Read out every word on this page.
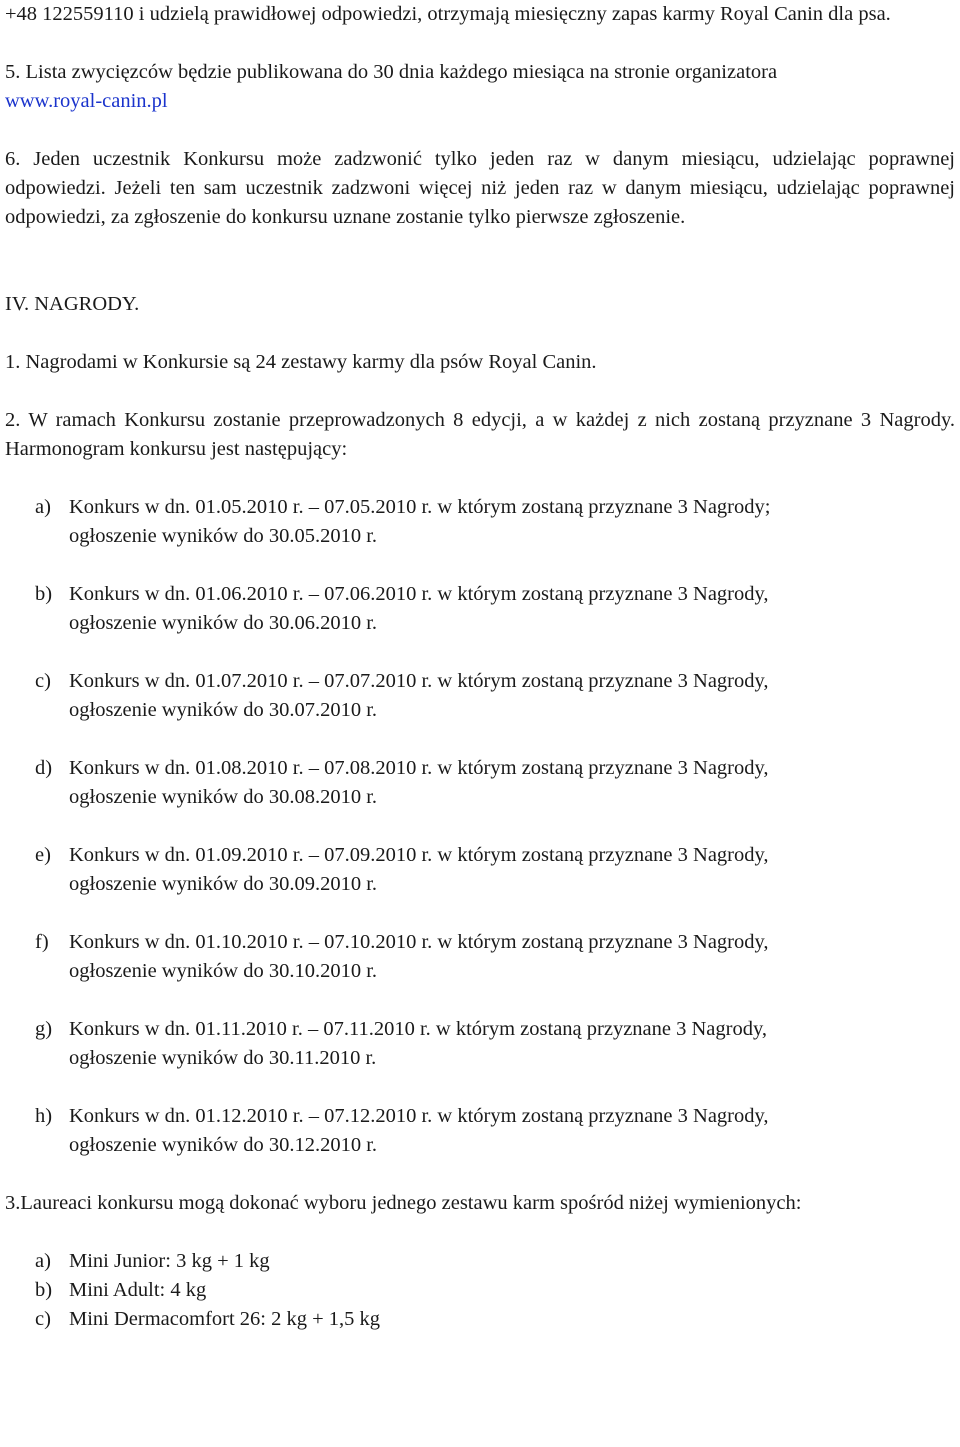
+48 122559110 i udzielą prawidłowej odpowiedzi, otrzymają miesięczny zapas karmy Royal Canin dla psa.

5. Lista zwycięzców będzie publikowana do 30 dnia każdego miesiąca na stronie organizatora
www.royal-canin.pl

6. Jeden uczestnik Konkursu może zadzwonić tylko jeden raz w danym miesiącu, udzielając poprawnej odpowiedzi. Jeżeli ten sam uczestnik zadzwoni więcej niż jeden raz w danym miesiącu, udzielając poprawnej odpowiedzi, za zgłoszenie do konkursu uznane zostanie tylko pierwsze zgłoszenie.

IV. NAGRODY.

1. Nagrodami w Konkursie są 24 zestawy karmy dla psów Royal Canin.

2. W ramach Konkursu zostanie przeprowadzonych 8 edycji, a w każdej z nich zostaną przyznane 3 Nagrody. Harmonogram konkursu jest następujący:

a) Konkurs w dn. 01.05.2010 r. – 07.05.2010 r. w którym zostaną przyznane 3 Nagrody;
ogłoszenie wyników do 30.05.2010 r.
b) Konkurs w dn. 01.06.2010 r. – 07.06.2010 r. w którym zostaną przyznane 3 Nagrody,
ogłoszenie wyników do 30.06.2010 r.
c) Konkurs w dn. 01.07.2010 r. – 07.07.2010 r. w którym zostaną przyznane 3 Nagrody,
ogłoszenie wyników do 30.07.2010 r.
d) Konkurs w dn. 01.08.2010 r. – 07.08.2010 r. w którym zostaną przyznane 3 Nagrody,
ogłoszenie wyników do 30.08.2010 r.
e) Konkurs w dn. 01.09.2010 r. – 07.09.2010 r. w którym zostaną przyznane 3 Nagrody,
ogłoszenie wyników do 30.09.2010 r.
f) Konkurs w dn. 01.10.2010 r. – 07.10.2010 r. w którym zostaną przyznane 3 Nagrody,
ogłoszenie wyników do 30.10.2010 r.
g) Konkurs w dn. 01.11.2010 r. – 07.11.2010 r. w którym zostaną przyznane 3 Nagrody,
ogłoszenie wyników do 30.11.2010 r.
h) Konkurs w dn. 01.12.2010 r. – 07.12.2010 r. w którym zostaną przyznane 3 Nagrody,
ogłoszenie wyników do 30.12.2010 r.

3.Laureaci konkursu mogą dokonać wyboru jednego zestawu karm spośród niżej wymienionych:

a) Mini Junior: 3 kg + 1 kg
b) Mini Adult: 4 kg
c) Mini Dermacomfort 26: 2 kg + 1,5 kg
